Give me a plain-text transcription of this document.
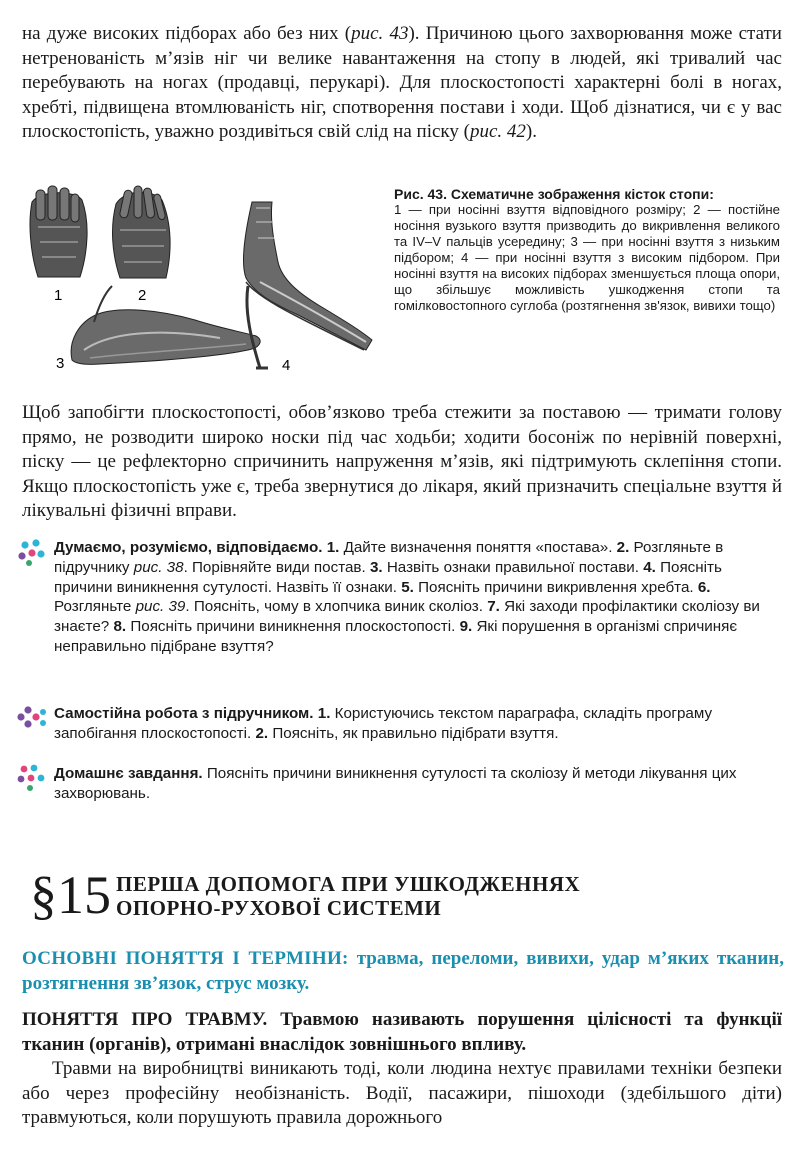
на дуже високих підборах або без них (рис. 43). Причиною цього захворювання може стати нетренованість м’язів ніг чи велике навантаження на стопу в людей, які тривалий час перебувають на ногах (продавці, перукарі). Для плоскостопості характерні болі в ногах, хребті, підвищена втомлюваність ніг, спотворення постави і ходи. Щоб дізнатися, чи є у вас плоскостопість, уважно роздивіться свій слід на піску (рис. 42).
1	2
3	4
Рис. 43. Схематичне зображення кісток стопи:
1 — при носінні взуття відповідного розміру; 2 — постійне носіння вузького взуття призводить до викривлення великого та IV–V пальців усередину; 3 — при носінні взуття з низьким підбором; 4 — при носінні взуття з високим підбором. При носінні взуття на високих підборах зменшується площа опори, що збільшує можливість ушкодження стопи та гомілковостопного суглоба (розтягнення зв'язок, вивихи тощо)
Щоб запобігти плоскостопості, обов’язково треба стежити за поставою — тримати голову прямо, не розводити широко носки під час ходьби; ходити босоніж по нерівній поверхні, піску — це рефлекторно спричинить напруження м’язів, які підтримують склепіння стопи. Якщо плоскостопість уже є, треба звернутися до лікаря, який призначить спеціальне взуття й лікувальні фізичні вправи.
Думаємо, розуміємо, відповідаємо. 1. Дайте визначення поняття «постава». 2. Розгляньте в підручнику рис. 38. Порівняйте види постав. 3. Назвіть ознаки правильної постави. 4. Поясніть причини виникнення сутулості. Назвіть її ознаки. 5. Поясніть причини викривлення хребта. 6. Розгляньте рис. 39. Поясніть, чому в хлопчика виник сколіоз. 7. Які заходи профілактики сколіозу ви знаєте? 8. Поясніть причини виникнення плоскостопості. 9. Які порушення в організмі спричиняє неправильно підібране взуття?
Самостійна робота з підручником. 1. Користуючись текстом параграфа, складіть програму запобігання плоскостопості. 2. Поясніть, як правильно підібрати взуття.
Домашнє завдання. Поясніть причини виникнення сутулості та сколіозу й методи лікування цих захворювань.
§15 ПЕРША ДОПОМОГА ПРИ УШКОДЖЕННЯХ
ОПОРНО-РУХОВОЇ СИСТЕМИ
ОСНОВНІ ПОНЯТТЯ І ТЕРМІНИ: травма, переломи, вивихи, удар м’яких тканин, розтягнення зв’язок, струс мозку.
ПОНЯТТЯ ПРО ТРАВМУ. Травмою називають порушення цілісності та функції тканин (органів), отримані внаслідок зовнішнього впливу.
Травми на виробництві виникають тоді, коли людина нехтує правилами техніки безпеки або через професійну необізнаність. Водії, пасажири, пішоходи (здебільшого діти) травмуються, коли порушують правила дорожнього
